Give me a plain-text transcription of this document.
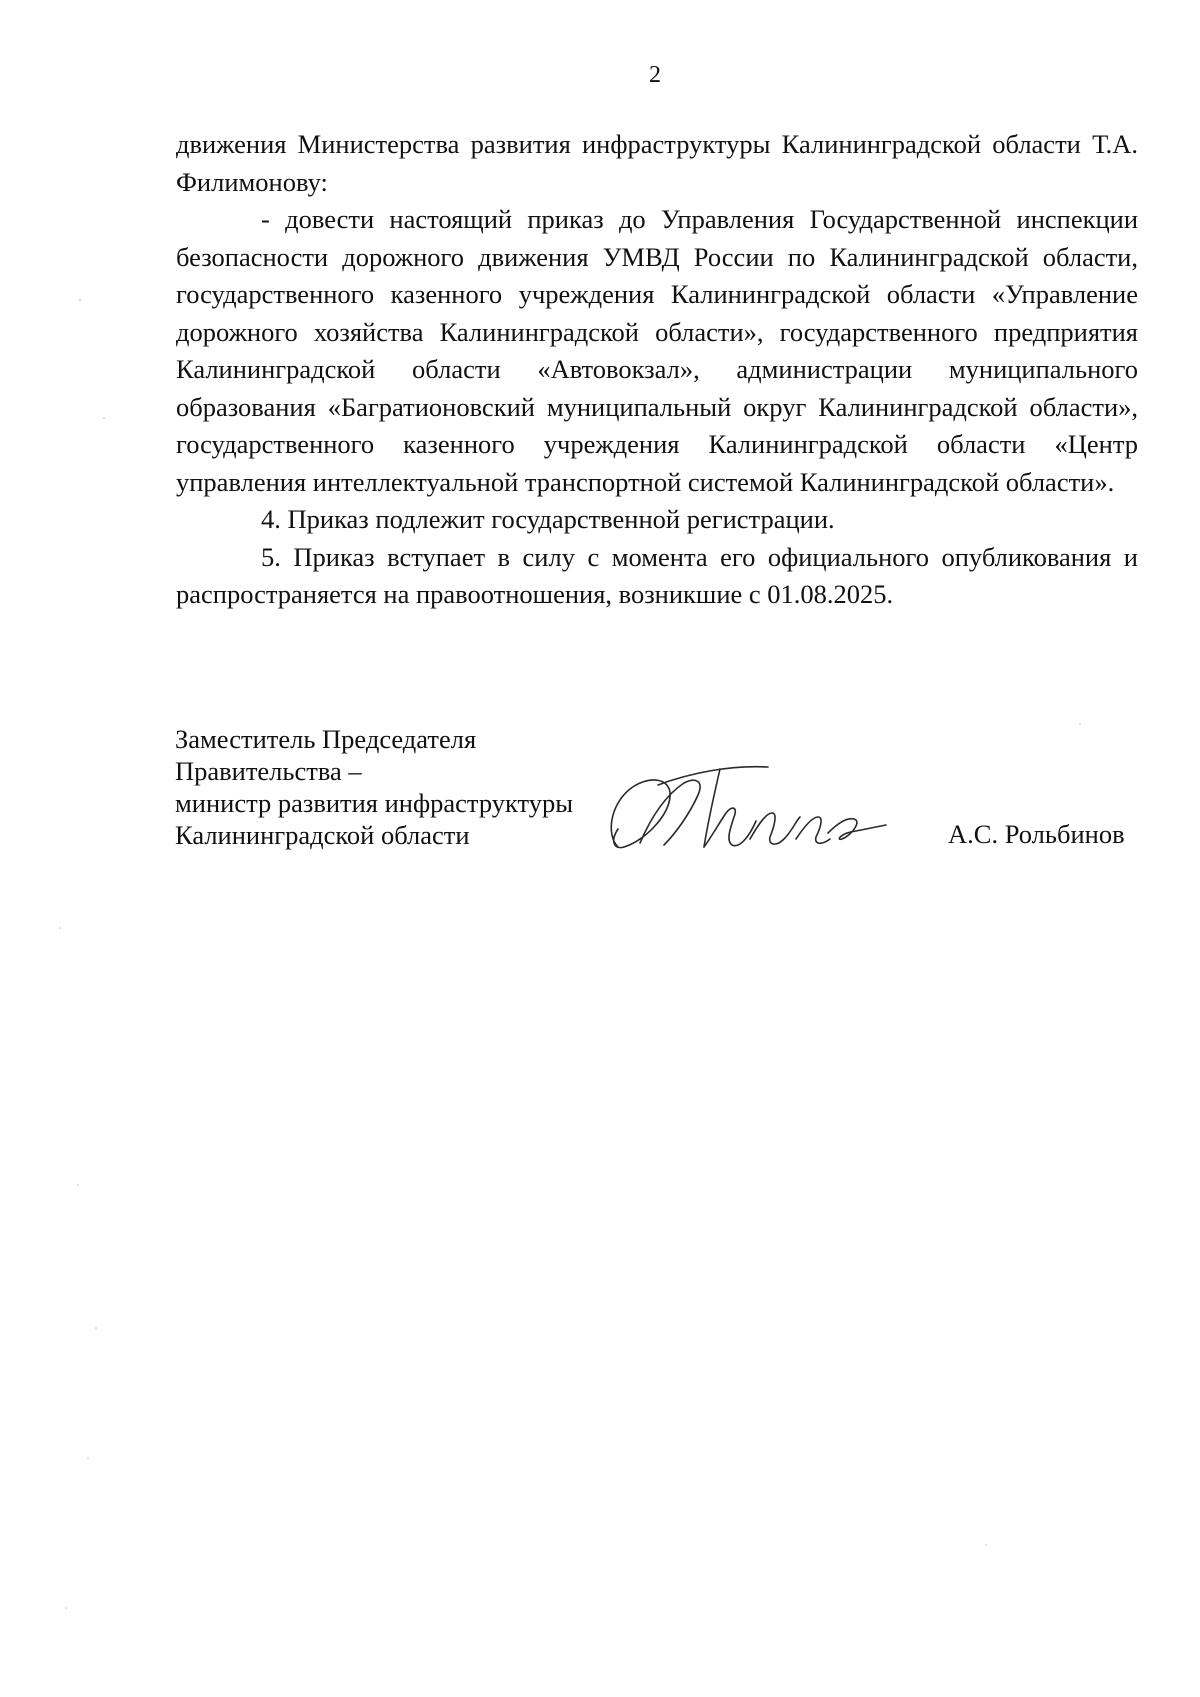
2

движения Министерства развития инфраструктуры Калининградской области Т.А. Филимонову:

- довести настоящий приказ до Управления Государственной инспекции безопасности дорожного движения УМВД России по Калининградской области, государственного казенного учреждения Калининградской области «Управление дорожного хозяйства Калининградской области», государственного предприятия Калининградской области «Автовокзал», администрации муниципального образования «Багратионовский муниципальный округ Калининградской области», государственного казенного учреждения Калининградской области «Центр управления интеллектуальной транспортной системой Калининградской области».

4. Приказ подлежит государственной регистрации.

5. Приказ вступает в силу с момента его официального опубликования и распространяется на правоотношения, возникшие с 01.08.2025.

Заместитель Председателя
Правительства –
министр развития инфраструктуры
Калининградской области	А.С. Рольбинов
